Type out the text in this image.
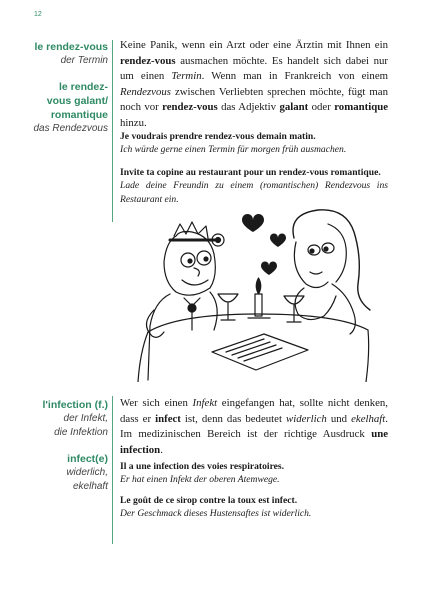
12
le rendez-vous
der Termin
le rendez-
vous galant/
romantique
das Rendezvous
Keine Panik, wenn ein Arzt oder eine Ärztin mit Ihnen ein rendez-vous ausmachen möchte. Es handelt sich dabei nur um einen Termin. Wenn man in Frankreich von einem Rendezvous zwischen Verliebten sprechen möchte, fügt man noch vor rendez-vous das Adjektiv galant oder romantique hinzu.
Je voudrais prendre rendez-vous demain matin.
Ich würde gerne einen Termin für morgen früh ausmachen.
Invite ta copine au restaurant pour un rendez-vous romantique.
Lade deine Freundin zu einem (romantischen) Rendezvous ins Restaurant ein.
l'infection (f.)
der Infekt,
die Infektion
infect(e)
widerlich,
ekelhaft
Wer sich einen Infekt eingefangen hat, sollte nicht denken, dass er infect ist, denn das bedeutet widerlich und ekelhaft. Im medizinischen Bereich ist der richtige Ausdruck une infection.
Il a une infection des voies respiratoires.
Er hat einen Infekt der oberen Atemwege.
Le goût de ce sirop contre la toux est infect.
Der Geschmack dieses Hustensaftes ist widerlich.
